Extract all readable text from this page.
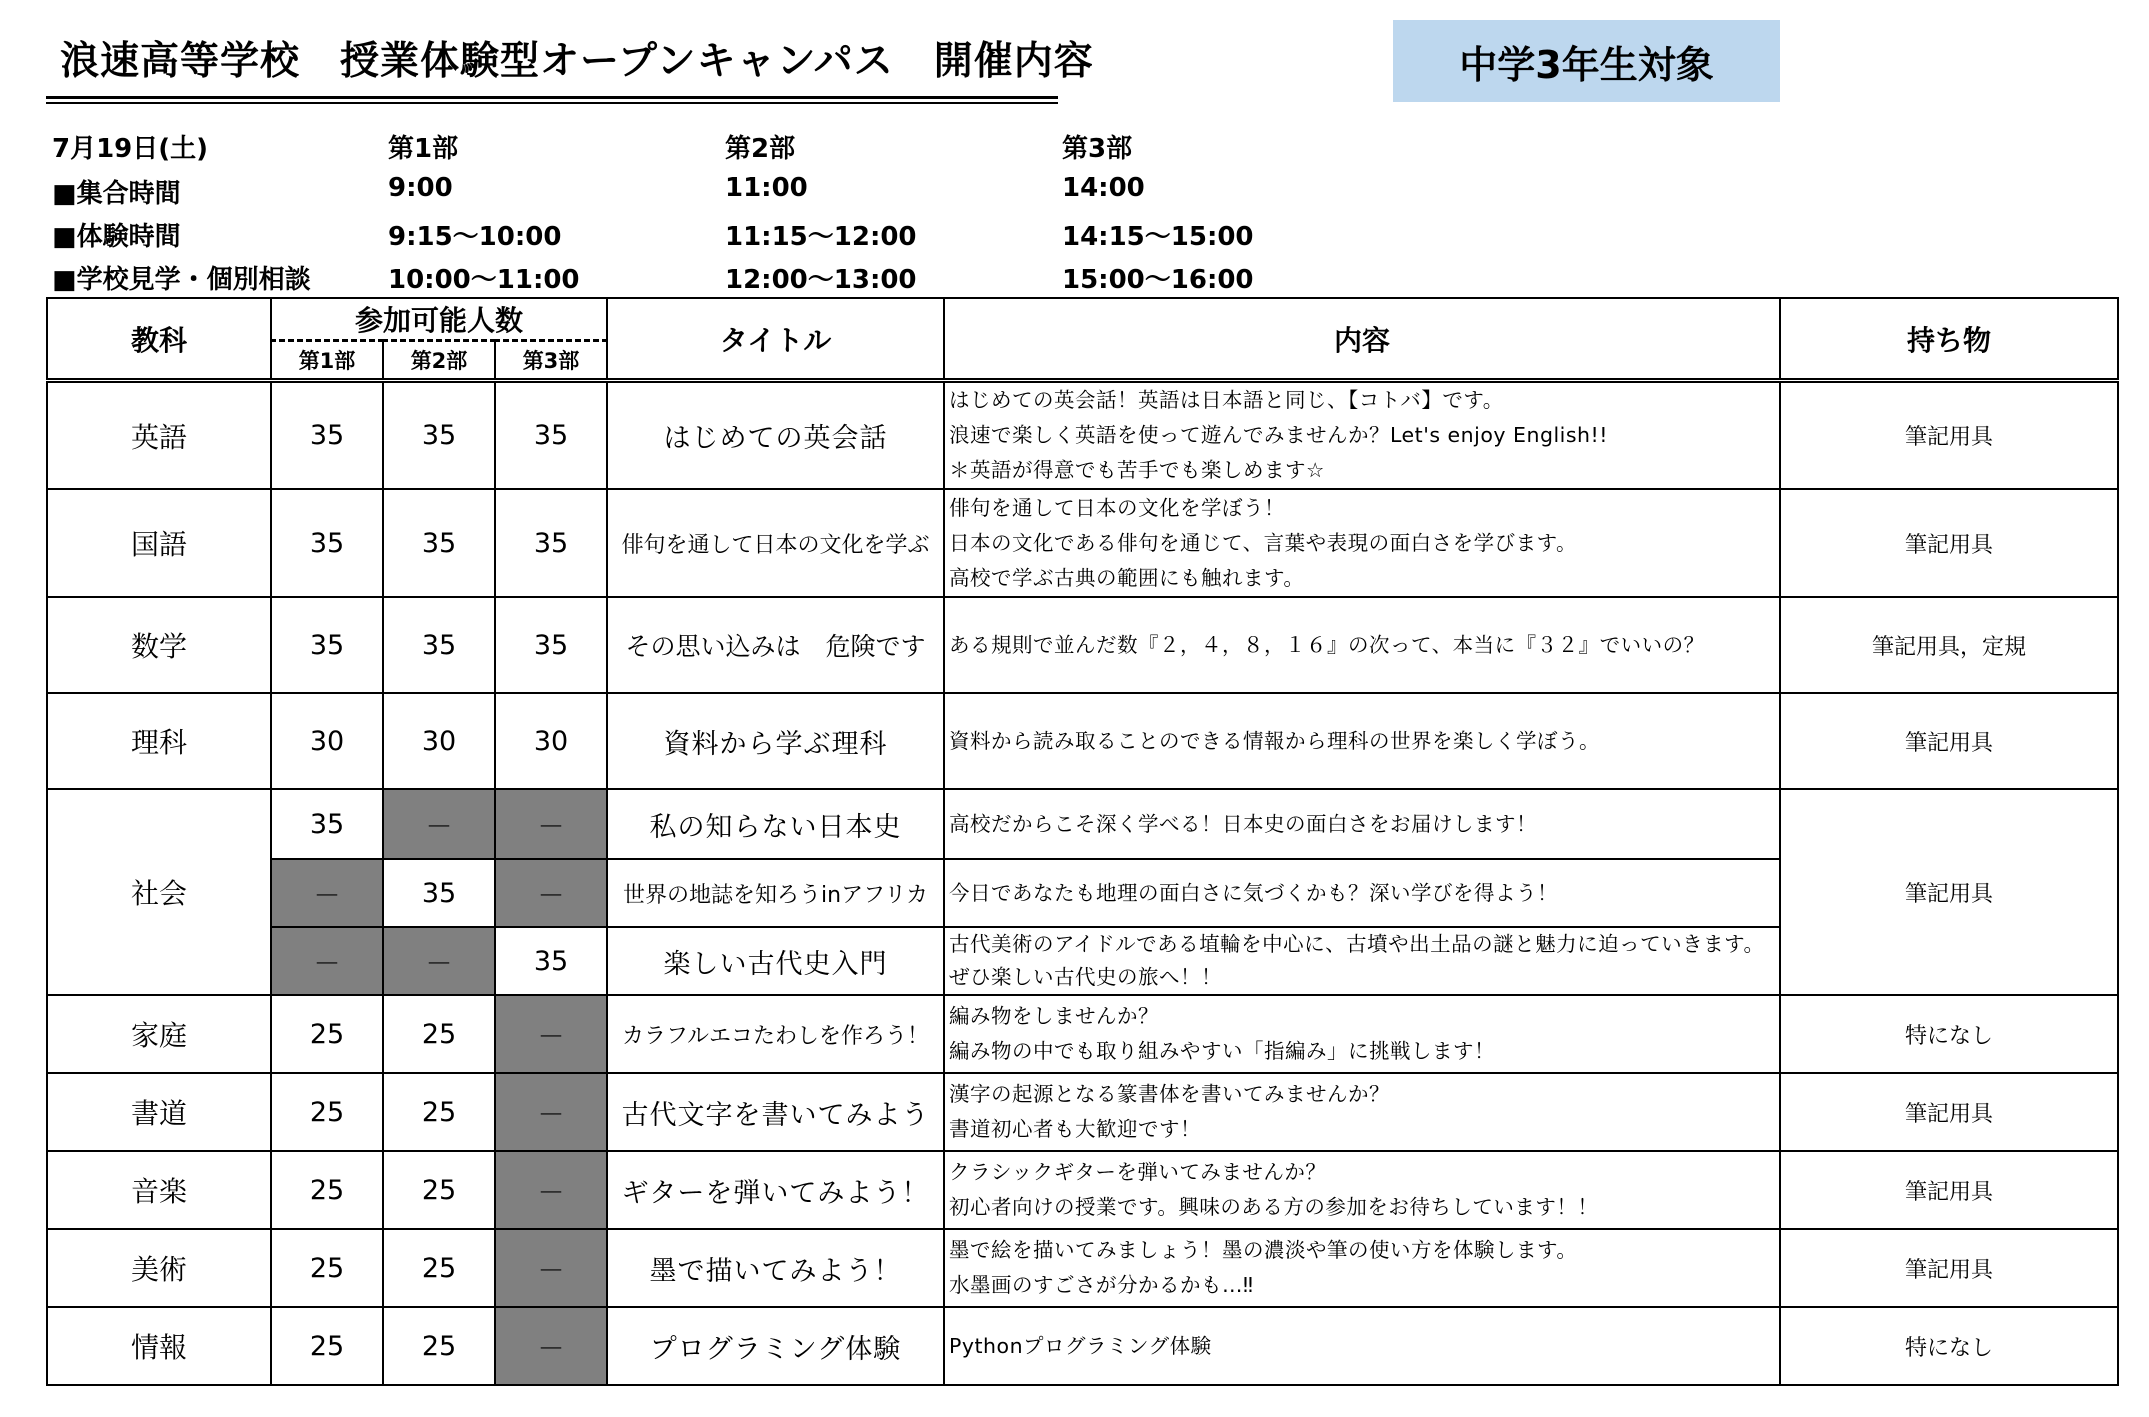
浪速高等学校　授業体験型オープンキャンパス　開催内容	中学3年生対象
7月19日(土)	第1部	第2部	第3部
■集合時間	9:00	11:00	14:00
■体験時間	9:15～10:00	11:15～12:00	14:15～15:00
■学校見学・個別相談	10:00～11:00	12:00～13:00	15:00～16:00
教科	参加可能人数			タイトル	内容	持ち物
	第1部	第2部	第3部			
英語	35	35	35	はじめての英会話	はじめての英会話！英語は日本語と同じ、【コトバ】です。
浪速で楽しく英語を使って遊んでみませんか？Let's enjoy English!!
＊英語が得意でも苦手でも楽しめます☆	筆記用具
国語	35	35	35	俳句を通して日本の文化を学ぶ	俳句を通して日本の文化を学ぼう！
日本の文化である俳句を通じて、言葉や表現の面白さを学びます。
高校で学ぶ古典の範囲にも触れます。	筆記用具
数学	35	35	35	その思い込みは　危険です	ある規則で並んだ数『２，４，８，１６』の次って、本当に『３２』でいいの？	筆記用具，定規
理科	30	30	30	資料から学ぶ理科	資料から読み取ることのできる情報から理科の世界を楽しく学ぼう。	筆記用具
社会	35	－	－	私の知らない日本史	高校だからこそ深く学べる！日本史の面白さをお届けします！	筆記用具
	－	35	－	世界の地誌を知ろうinアフリカ	今日であなたも地理の面白さに気づくかも？深い学びを得よう！	

	－	－	35	楽しい古代史入門	古代美術のアイドルである埴輪を中心に、古墳や出土品の謎と魅力に迫っていきます。
ぜひ楽しい古代史の旅へ！！	

家庭	25	25	－	カラフルエコたわしを作ろう！	編み物をしませんか？
編み物の中でも取り組みやすい「指編み」に挑戦します！	特になし
書道	25	25	－	古代文字を書いてみよう	漢字の起源となる篆書体を書いてみませんか？
書道初心者も大歓迎です！	筆記用具
音楽	25	25	－	ギターを弾いてみよう！	クラシックギターを弾いてみませんか？
初心者向けの授業です。興味のある方の参加をお待ちしています！！	筆記用具
美術	25	25	－	墨で描いてみよう！	墨で絵を描いてみましょう！墨の濃淡や筆の使い方を体験します。
水墨画のすごさが分かるかも…‼	筆記用具
情報	25	25	－	プログラミング体験	Pythonプログラミング体験	特になし
